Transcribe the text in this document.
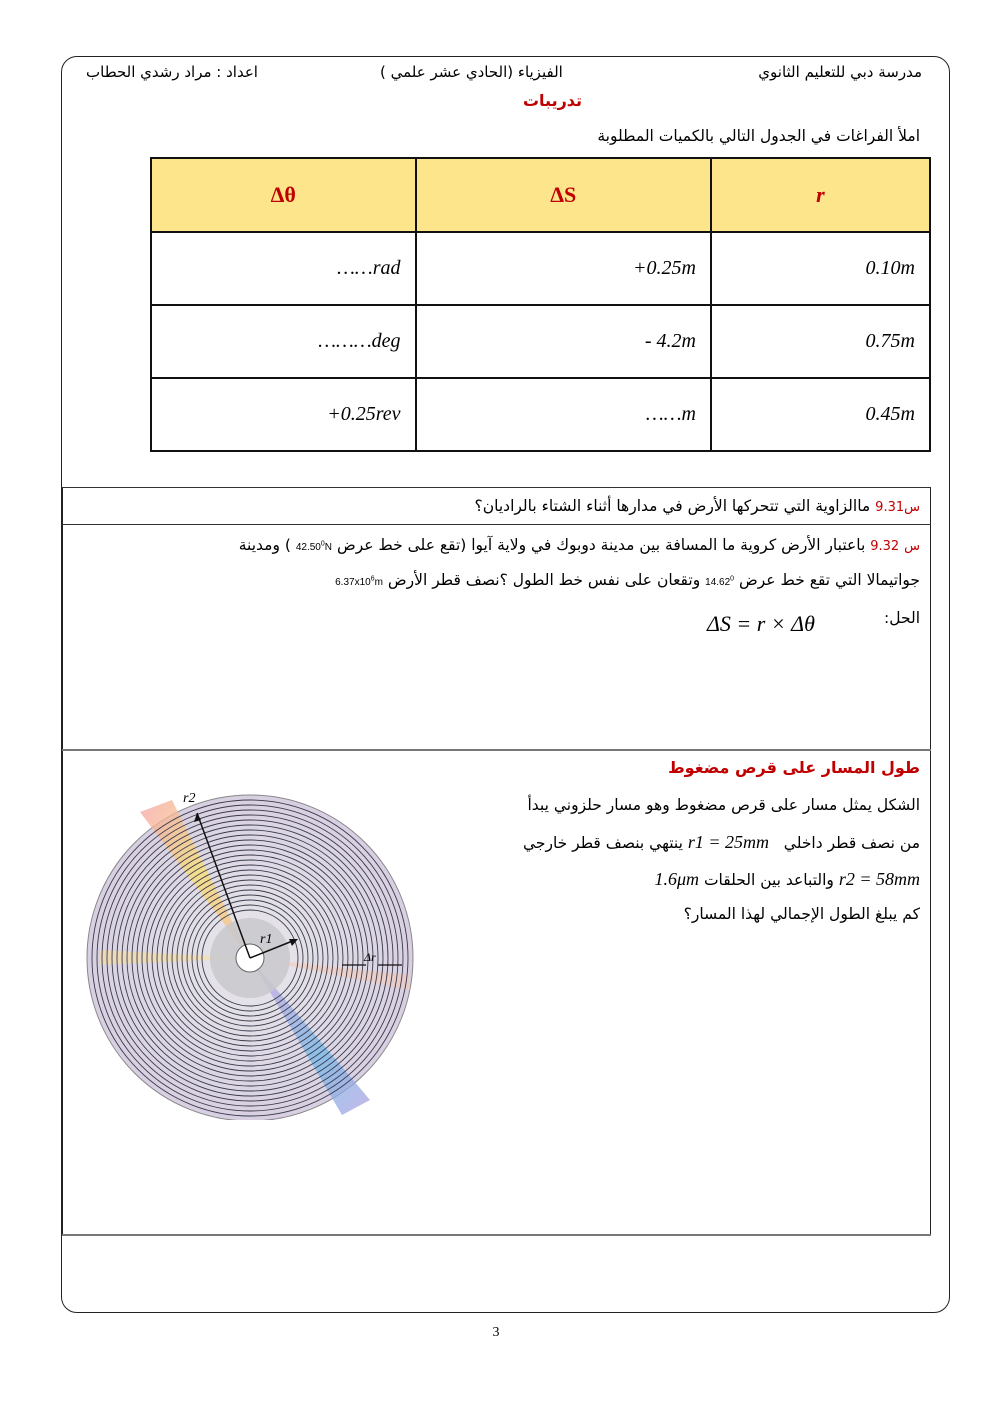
مدرسة دبي للتعليم الثانوي
الفيزياء (الحادي عشر علمي )
اعداد : مراد رشدي الحطاب
تدريبات
املأ الفراغات في الجدول التالي بالكميات المطلوبة
Δθ	ΔS	r
……rad	+0.25m	0.10m
………deg	- 4.2m	0.75m
+0.25rev	……m	0.45m
س9.31 ماالزاوية التي تتحركها الأرض في مدارها أثناء الشتاء بالراديان؟
س 9.32 باعتبار الأرض كروية ما المسافة بين مدينة دوبوك في ولاية آيوا (تقع على خط عرض 42.50$^0$N ) ومدينة
جواتيمالا التي تقع خط عرض 14.62$^0$ وتقعان على نفس خط الطول ؟نصف قطر الأرض $6.37x10^6m$
الحل:
ΔS = r × Δθ
طول المسار على قرص مضغوط
الشكل يمثل مسار على قرص مضغوط وهو مسار حلزوني يبدأ
من نصف قطر داخلي   r1 = 25mm ينتهي بنصف قطر خارجي
r2 = 58mm والتباعد بين الحلقات 1.6μm
كم يبلغ الطول الإجمالي لهذا المسار؟
r2
r1
Δr
3
